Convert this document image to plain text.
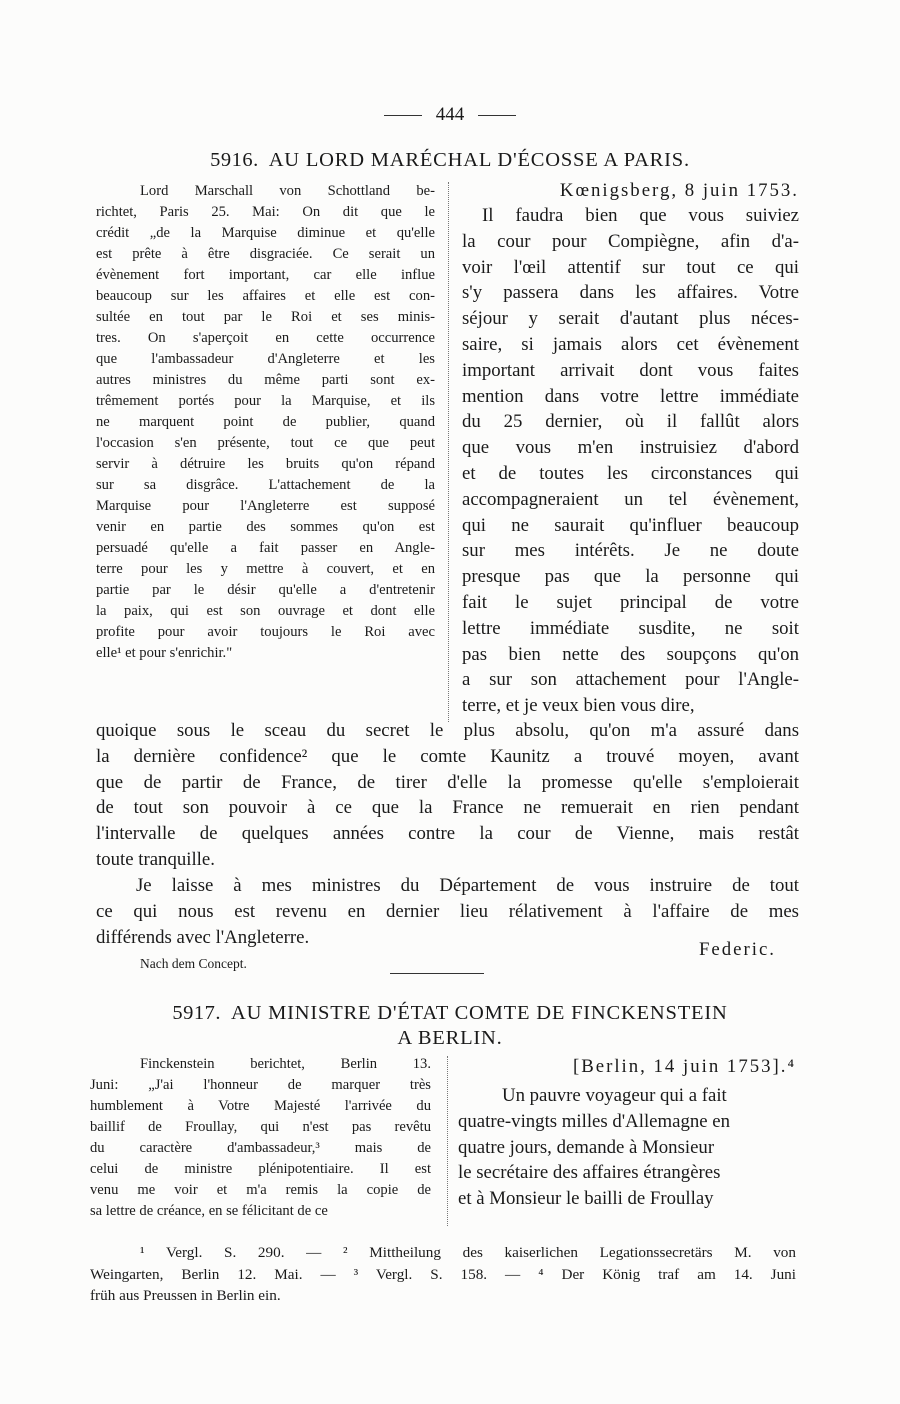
444
5916. AU LORD MARÉCHAL D'ÉCOSSE A PARIS.
Lord Marschall von Schottland be-
richtet, Paris 25. Mai: On dit que le
crédit „de la Marquise diminue et qu'elle
est prête à être disgraciée. Ce serait un
évènement fort important, car elle influe
beaucoup sur les affaires et elle est con-
sultée en tout par le Roi et ses minis-
tres. On s'aperçoit en cette occurrence
que l'ambassadeur d'Angleterre et les
autres ministres du même parti sont ex-
trêmement portés pour la Marquise, et ils
ne marquent point de publier, quand
l'occasion s'en présente, tout ce que peut
servir à détruire les bruits qu'on répand
sur sa disgrâce. L'attachement de la
Marquise pour l'Angleterre est supposé
venir en partie des sommes qu'on est
persuadé qu'elle a fait passer en Angle-
terre pour les y mettre à couvert, et en
partie par le désir qu'elle a d'entretenir
la paix, qui est son ouvrage et dont elle
profite pour avoir toujours le Roi avec
elle¹ et pour s'enrichir."
Kœnigsberg, 8 juin 1753.
Il faudra bien que vous suiviez
la cour pour Compiègne, afin d'a-
voir l'œil attentif sur tout ce qui
s'y passera dans les affaires. Votre
séjour y serait d'autant plus néces-
saire, si jamais alors cet évènement
important arrivait dont vous faites
mention dans votre lettre immédiate
du 25 dernier, où il fallût alors
que vous m'en instruisiez d'abord
et de toutes les circonstances qui
accompagneraient un tel évènement,
qui ne saurait qu'influer beaucoup
sur mes intérêts. Je ne doute
presque pas que la personne qui
fait le sujet principal de votre
lettre immédiate susdite, ne soit
pas bien nette des soupçons qu'on
a sur son attachement pour l'Angle-
terre, et je veux bien vous dire,
quoique sous le sceau du secret le plus absolu, qu'on m'a assuré dans
la dernière confidence² que le comte Kaunitz a trouvé moyen, avant
que de partir de France, de tirer d'elle la promesse qu'elle s'emploierait
de tout son pouvoir à ce que la France ne remuerait en rien pendant
l'intervalle de quelques années contre la cour de Vienne, mais restât
toute tranquille.
Je laisse à mes ministres du Département de vous instruire de tout
ce qui nous est revenu en dernier lieu rélativement à l'affaire de mes
différends avec l'Angleterre.
Federic.
Nach dem Concept.
5917. AU MINISTRE D'ÉTAT COMTE DE FINCKENSTEIN
A BERLIN.
Finckenstein berichtet, Berlin 13.
Juni: „J'ai l'honneur de marquer très
humblement à Votre Majesté l'arrivée du
baillif de Froullay, qui n'est pas revêtu
du caractère d'ambassadeur,³ mais de
celui de ministre plénipotentiaire. Il est
venu me voir et m'a remis la copie de
sa lettre de créance, en se félicitant de ce
[Berlin, 14 juin 1753].⁴
Un pauvre voyageur qui a fait
quatre-vingts milles d'Allemagne en
quatre jours, demande à Monsieur
le secrétaire des affaires étrangères
et à Monsieur le bailli de Froullay
¹ Vergl. S. 290. — ² Mittheilung des kaiserlichen Legationssecretärs M. von
Weingarten, Berlin 12. Mai. — ³ Vergl. S. 158. — ⁴ Der König traf am 14. Juni
früh aus Preussen in Berlin ein.
